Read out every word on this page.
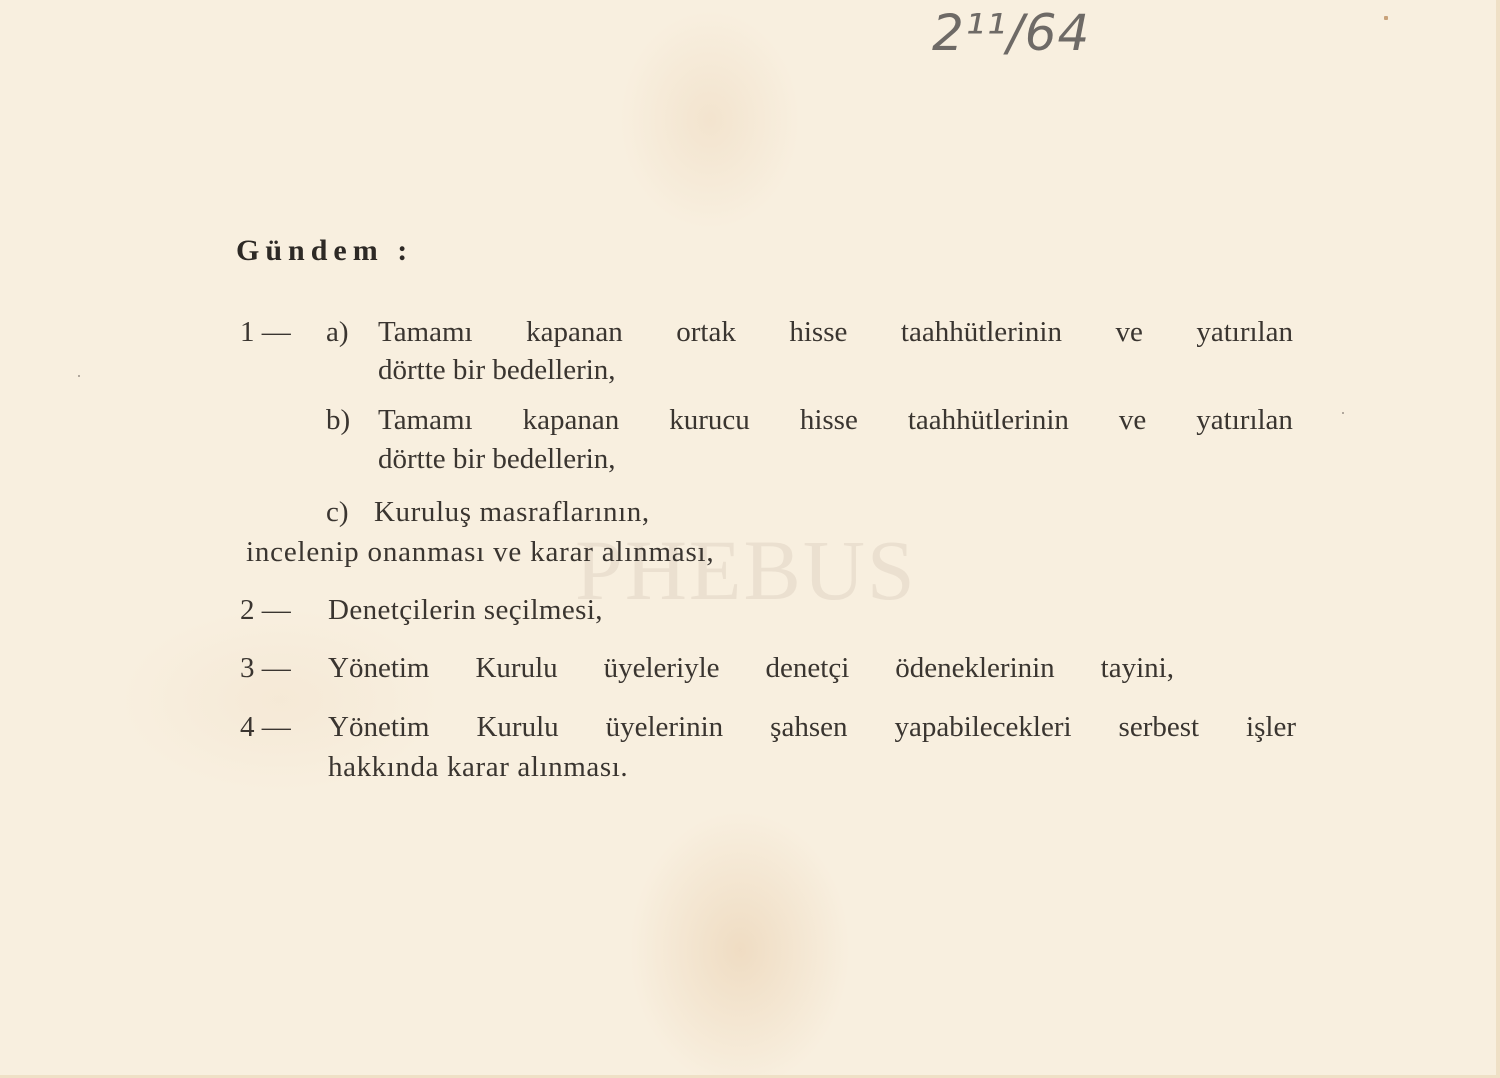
2¹¹/64
PHEBUS
Gündem :
1 — a) Tamamı kapanan ortak hisse taahhütlerinin ve yatırılan
dörtte bir bedellerin,
b) Tamamı kapanan kurucu hisse taahhütlerinin ve yatırılan
dörtte bir bedellerin,
c) Kuruluş masraflarının,
incelenip onanması ve karar alınması,
2 — Denetçilerin seçilmesi,
3 — Yönetim Kurulu üyeleriyle denetçi ödeneklerinin tayini,
4 — Yönetim Kurulu üyelerinin şahsen yapabilecekleri serbest işler
hakkında karar alınması.
